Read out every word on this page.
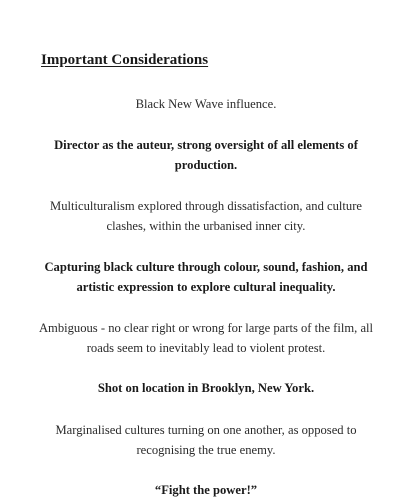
Important Considerations

Black New Wave influence.

Director as the auteur, strong oversight of all elements of production.

Multiculturalism explored through dissatisfaction, and culture clashes, within the urbanised inner city.

Capturing black culture through colour, sound, fashion, and artistic expression to explore cultural inequality.

Ambiguous - no clear right or wrong for large parts of the film, all roads seem to inevitably lead to violent protest.

Shot on location in Brooklyn, New York.

Marginalised cultures turning on one another, as opposed to recognising the true enemy.

“Fight the power!”
